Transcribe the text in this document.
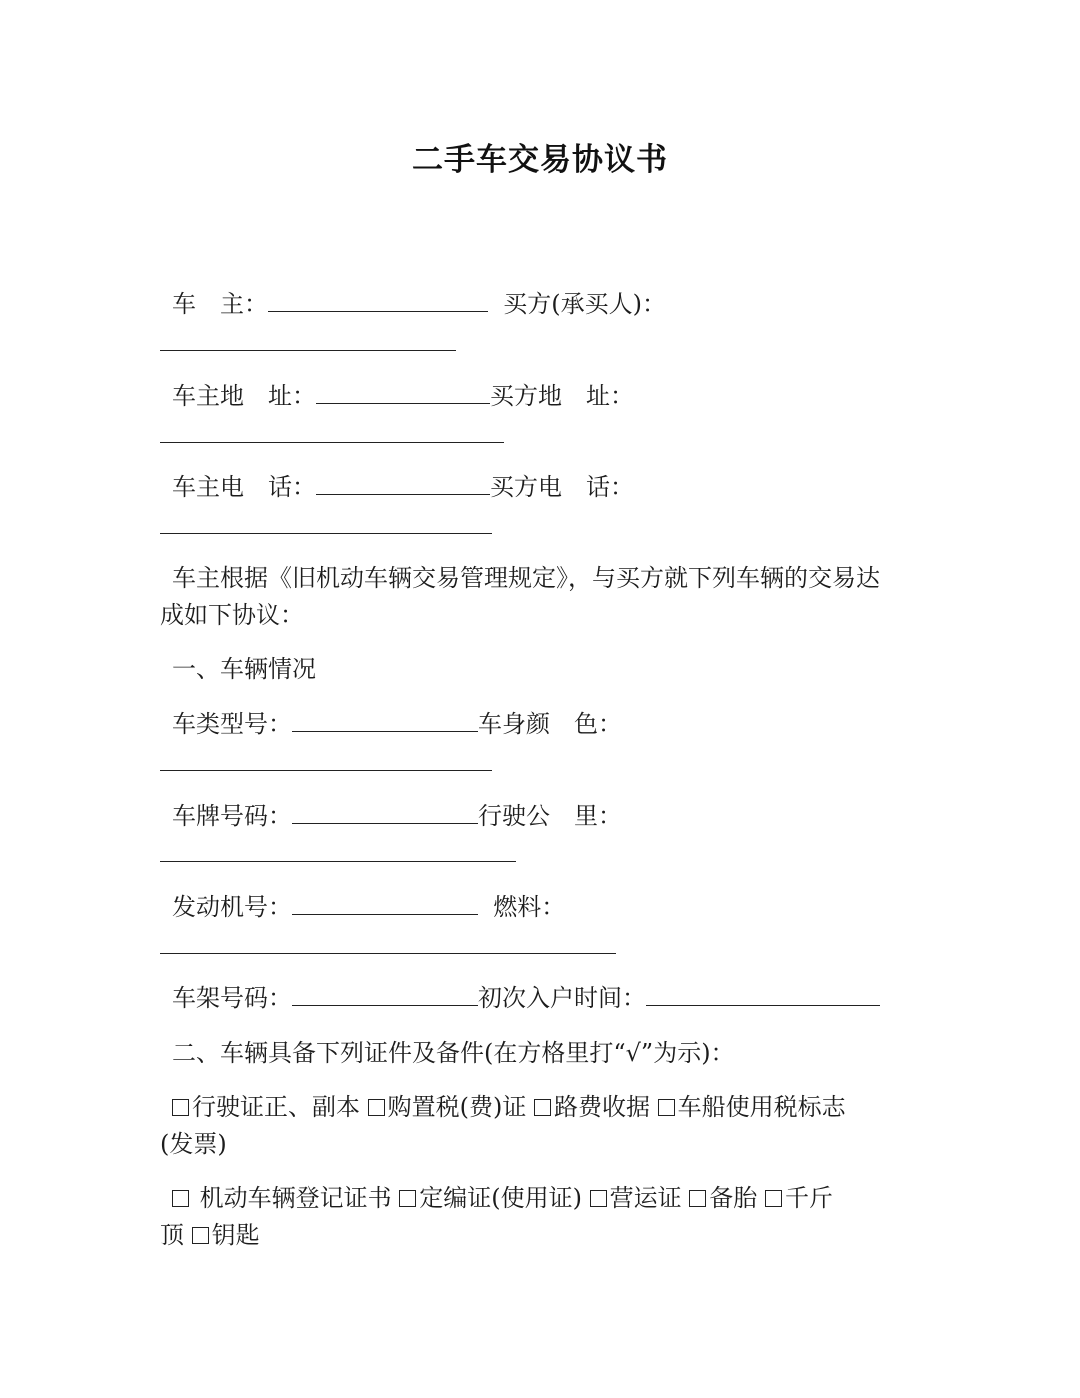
二手车交易协议书
车　主：	买方(承买人)：
车主地　址：	买方地　址：
车主电　话：	买方电　话：
车主根据《旧机动车辆交易管理规定》，与买方就下列车辆的交易达
成如下协议：
一、车辆情况
车类型号：	车身颜　色：
车牌号码：	行驶公　里：
发动机号：	燃料：
车架号码：	初次入户时间：
二、车辆具备下列证件及备件(在方格里打“√”为示)：
行驶证正、副本 购置税(费)证 路费收据 车船使用税标志
(发票)
机动车辆登记证书 定编证(使用证) 营运证 备胎 千斤
顶 钥匙
